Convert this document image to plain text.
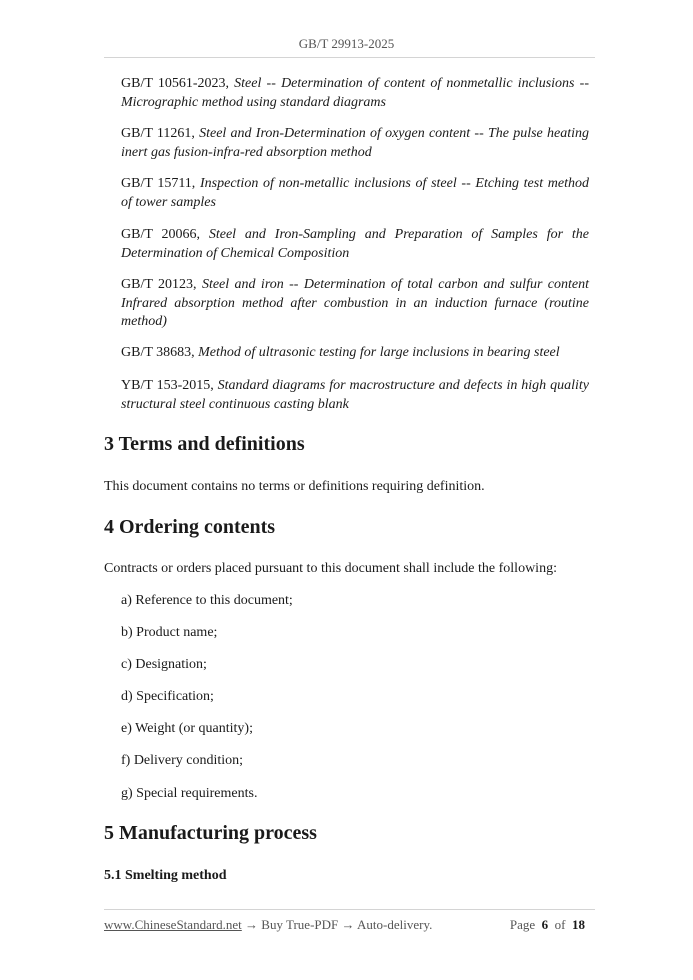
GB/T 29913-2025
GB/T 10561-2023, Steel -- Determination of content of nonmetallic inclusions -- Micrographic method using standard diagrams
GB/T 11261, Steel and Iron-Determination of oxygen content -- The pulse heating inert gas fusion-infra-red absorption method
GB/T 15711, Inspection of non-metallic inclusions of steel -- Etching test method of tower samples
GB/T 20066, Steel and Iron-Sampling and Preparation of Samples for the Determination of Chemical Composition
GB/T 20123, Steel and iron -- Determination of total carbon and sulfur content Infrared absorption method after combustion in an induction furnace (routine method)
GB/T 38683, Method of ultrasonic testing for large inclusions in bearing steel
YB/T 153-2015, Standard diagrams for macrostructure and defects in high quality structural steel continuous casting blank
3 Terms and definitions
This document contains no terms or definitions requiring definition.
4 Ordering contents
Contracts or orders placed pursuant to this document shall include the following:
a) Reference to this document;
b) Product name;
c) Designation;
d) Specification;
e) Weight (or quantity);
f) Delivery condition;
g) Special requirements.
5 Manufacturing process
5.1 Smelting method
www.ChineseStandard.net → Buy True-PDF → Auto-delivery.	Page 6 of 18
